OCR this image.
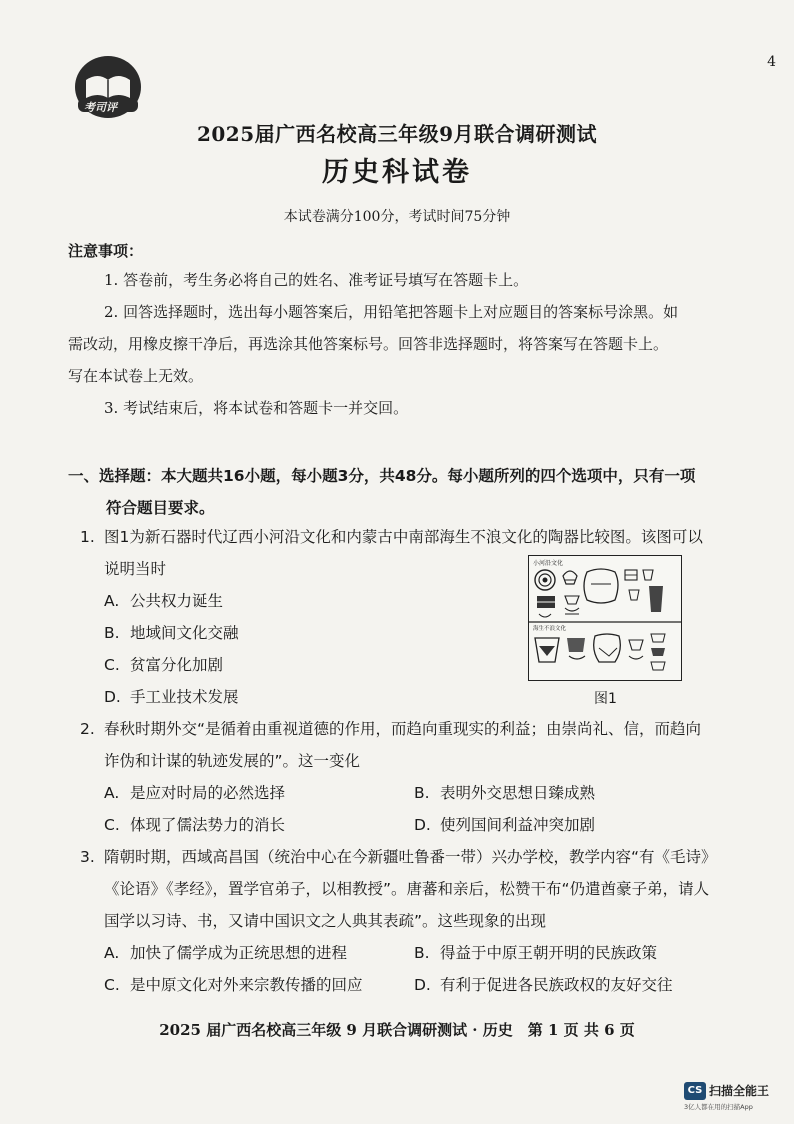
考司评
4
2025届广西名校高三年级9月联合调研测试
历史科试卷
本试卷满分100分，考试时间75分钟
注意事项：
1. 答卷前，考生务必将自己的姓名、准考证号填写在答题卡上。
2. 回答选择题时，选出每小题答案后，用铅笔把答题卡上对应题目的答案标号涂黑。如
需改动，用橡皮擦干净后，再选涂其他答案标号。回答非选择题时，将答案写在答题卡上。
写在本试卷上无效。
3. 考试结束后，将本试卷和答题卡一并交回。
一、选择题：本大题共16小题，每小题3分，共48分。每小题所列的四个选项中，只有一项
符合题目要求。
1. 图1为新石器时代辽西小河沿文化和内蒙古中南部海生不浪文化的陶器比较图。该图可以
说明当时
A. 公共权力诞生
B. 地域间文化交融
C. 贫富分化加剧
D. 手工业技术发展
小河沿文化
海生不浪文化
图1
2. 春秋时期外交“是循着由重视道德的作用，而趋向重现实的利益；由崇尚礼、信，而趋向
诈伪和计谋的轨迹发展的”。这一变化
A. 是应对时局的必然选择	B. 表明外交思想日臻成熟
C. 体现了儒法势力的消长	D. 使列国间利益冲突加剧
3. 隋朝时期，西域高昌国（统治中心在今新疆吐鲁番一带）兴办学校，教学内容“有《毛诗》
《论语》《孝经》，置学官弟子，以相教授”。唐蕃和亲后，松赞干布“仍遣酋豪子弟，请人
国学以习诗、书，又请中国识文之人典其表疏”。这些现象的出现
A. 加快了儒学成为正统思想的进程	B. 得益于中原王朝开明的民族政策
C. 是中原文化对外来宗教传播的回应	D. 有利于促进各民族政权的友好交往
2025 届广西名校高三年级 9 月联合调研测试 · 历史　第 1 页 共 6 页
CS 扫描全能王
3亿人都在用的扫描App
